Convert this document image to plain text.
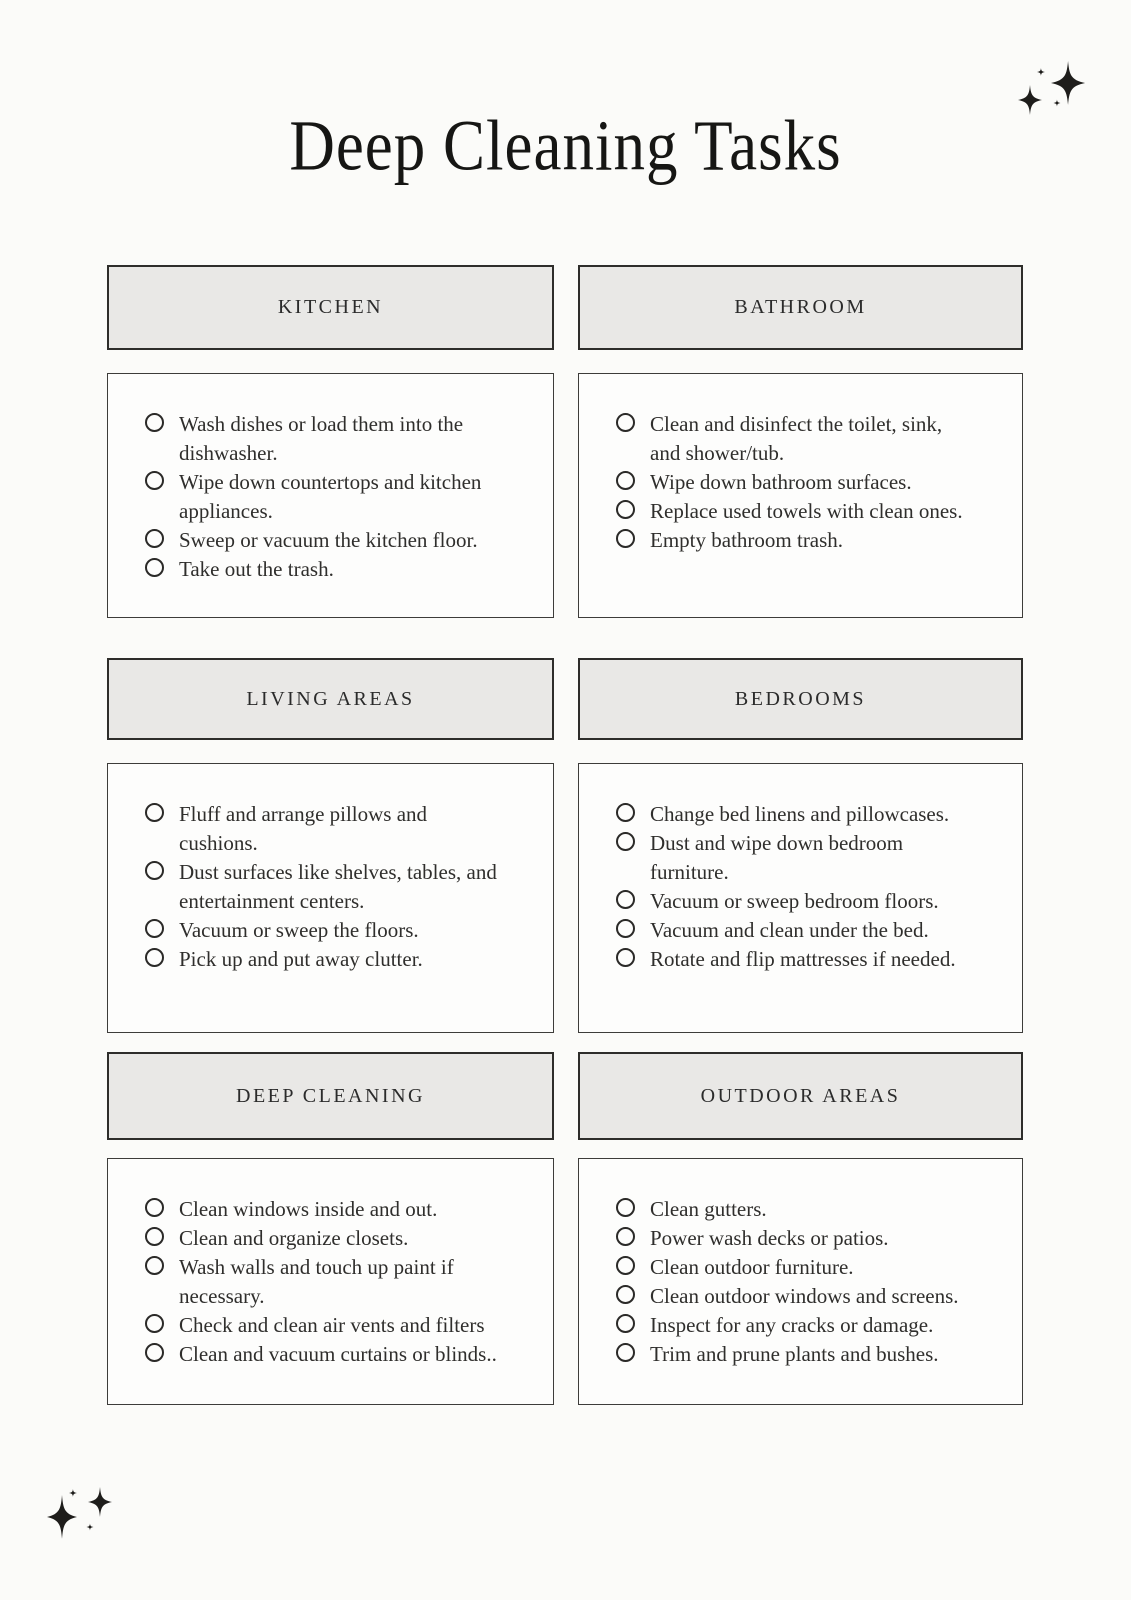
Deep Cleaning Tasks
KITCHEN
Wash dishes or load them into the dishwasher.
Wipe down countertops and kitchen appliances.
Sweep or vacuum the kitchen floor.
Take out the trash.
BATHROOM
Clean and disinfect the toilet, sink, and shower/tub.
Wipe down bathroom surfaces.
Replace used towels with clean ones.
Empty bathroom trash.
LIVING AREAS
Fluff and arrange pillows and cushions.
Dust surfaces like shelves, tables, and entertainment centers.
Vacuum or sweep the floors.
Pick up and put away clutter.
BEDROOMS
Change bed linens and pillowcases.
Dust and wipe down bedroom furniture.
Vacuum or sweep bedroom floors.
Vacuum and clean under the bed.
Rotate and flip mattresses if needed.
DEEP CLEANING
Clean windows inside and out.
Clean and organize closets.
Wash walls and touch up paint if necessary.
Check and clean air vents and filters
Clean and vacuum curtains or blinds..
OUTDOOR AREAS
Clean gutters.
Power wash decks or patios.
Clean outdoor furniture.
Clean outdoor windows and screens.
Inspect for any cracks or damage.
Trim and prune plants and bushes.
